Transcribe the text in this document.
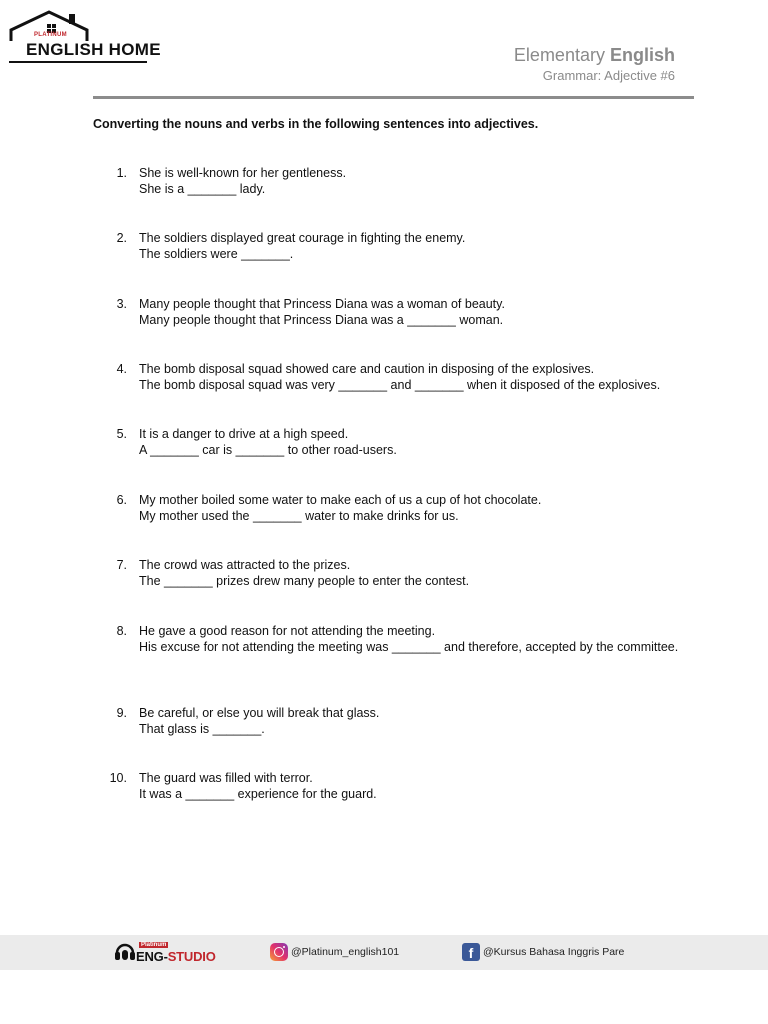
PLATINUM
ENGLISH HOME	Elementary English
Grammar: Adjective #6
Converting the nouns and verbs in the following sentences into adjectives.
1. She is well-known for her gentleness.
She is a _______ lady.
2. The soldiers displayed great courage in fighting the enemy.
The soldiers were _______.
3. Many people thought that Princess Diana was a woman of beauty.
Many people thought that Princess Diana was a _______ woman.
4. The bomb disposal squad showed care and caution in disposing of the explosives.
The bomb disposal squad was very _______ and _______ when it disposed of the explosives.
5. It is a danger to drive at a high speed.
A _______ car is _______ to other road-users.
6. My mother boiled some water to make each of us a cup of hot chocolate.
My mother used the _______ water to make drinks for us.
7. The crowd was attracted to the prizes.
The _______ prizes drew many people to enter the contest.
8. He gave a good reason for not attending the meeting.
His excuse for not attending the meeting was _______ and therefore, accepted by the committee.
9. Be careful, or else you will break that glass.
That glass is _______.
10. The guard was filled with terror.
It was a _______ experience for the guard.
Platinum
ENG-STUDIO	@Platinum_english101	f @Kursus Bahasa Inggris Pare
